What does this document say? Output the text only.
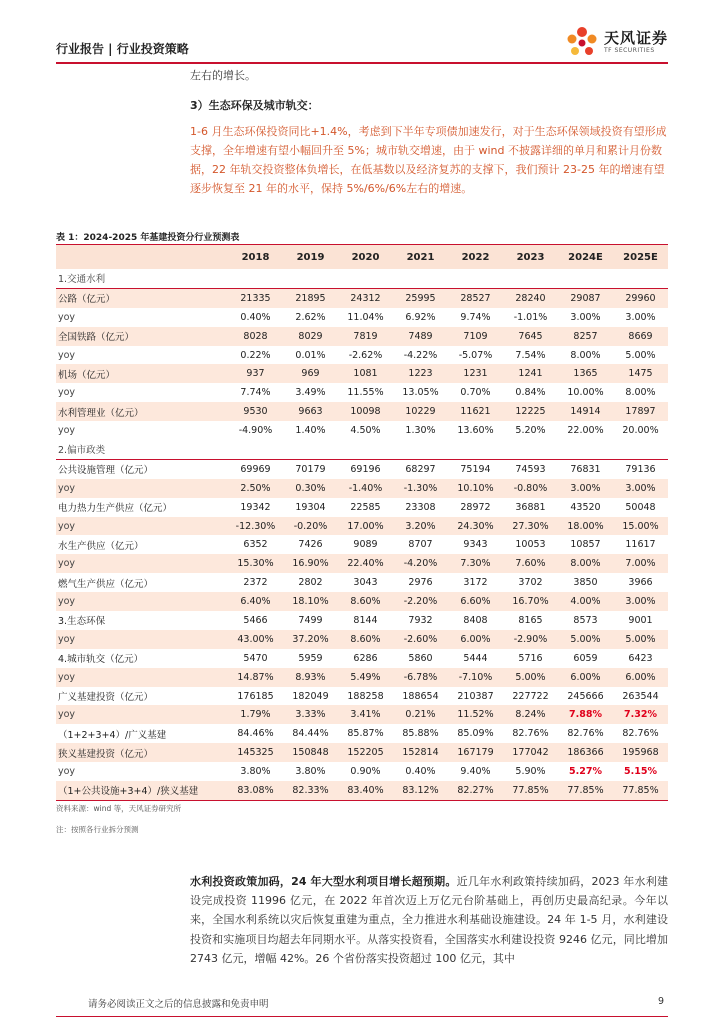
行业报告 | 行业投资策略
天风证券
TF SECURITIES
左右的增长。
3）生态环保及城市轨交：
1-6 月生态环保投资同比+1.4%，考虑到下半年专项债加速发行，对于生态环保领域投资有望形成支撑，全年增速有望小幅回升至 5%；城市轨交增速，由于 wind 不披露详细的单月和累计月份数据，22 年轨交投资整体负增长，在低基数以及经济复苏的支撑下，我们预计 23-25 年的增速有望逐步恢复至 21 年的水平，保持 5%/6%/6%左右的增速。
表 1：2024-2025 年基建投资分行业预测表
	2018	2019	2020	2021	2022	2023	2024E	2025E
1.交通水利								
公路（亿元）	21335	21895	24312	25995	28527	28240	29087	29960
yoy	0.40%	2.62%	11.04%	6.92%	9.74%	-1.01%	3.00%	3.00%
全国铁路（亿元）	8028	8029	7819	7489	7109	7645	8257	8669
yoy	0.22%	0.01%	-2.62%	-4.22%	-5.07%	7.54%	8.00%	5.00%
机场（亿元）	937	969	1081	1223	1231	1241	1365	1475
yoy	7.74%	3.49%	11.55%	13.05%	0.70%	0.84%	10.00%	8.00%
水利管理业（亿元）	9530	9663	10098	10229	11621	12225	14914	17897
yoy	-4.90%	1.40%	4.50%	1.30%	13.60%	5.20%	22.00%	20.00%
2.偏市政类								
公共设施管理（亿元）	69969	70179	69196	68297	75194	74593	76831	79136
yoy	2.50%	0.30%	-1.40%	-1.30%	10.10%	-0.80%	3.00%	3.00%
电力热力生产供应（亿元）	19342	19304	22585	23308	28972	36881	43520	50048
yoy	-12.30%	-0.20%	17.00%	3.20%	24.30%	27.30%	18.00%	15.00%
水生产供应（亿元）	6352	7426	9089	8707	9343	10053	10857	11617
yoy	15.30%	16.90%	22.40%	-4.20%	7.30%	7.60%	8.00%	7.00%
燃气生产供应（亿元）	2372	2802	3043	2976	3172	3702	3850	3966
yoy	6.40%	18.10%	8.60%	-2.20%	6.60%	16.70%	4.00%	3.00%
3.生态环保	5466	7499	8144	7932	8408	8165	8573	9001
yoy	43.00%	37.20%	8.60%	-2.60%	6.00%	-2.90%	5.00%	5.00%
4.城市轨交（亿元）	5470	5959	6286	5860	5444	5716	6059	6423
yoy	14.87%	8.93%	5.49%	-6.78%	-7.10%	5.00%	6.00%	6.00%
广义基建投资（亿元）	176185	182049	188258	188654	210387	227722	245666	263544
yoy	1.79%	3.33%	3.41%	0.21%	11.52%	8.24%	7.88%	7.32%
（1+2+3+4）/广义基建	84.46%	84.44%	85.87%	85.88%	85.09%	82.76%	82.76%	82.76%
狭义基建投资（亿元）	145325	150848	152205	152814	167179	177042	186366	195968
yoy	3.80%	3.80%	0.90%	0.40%	9.40%	5.90%	5.27%	5.15%
（1+公共设施+3+4）/狭义基建	83.08%	82.33%	83.40%	83.12%	82.27%	77.85%	77.85%	77.85%
资料来源：wind 等，天风证券研究所
注：按照各行业拆分预测
水利投资政策加码，24 年大型水利项目增长超预期。近几年水利政策持续加码，2023 年水利建设完成投资 11996 亿元，在 2022 年首次迈上万亿元台阶基础上，再创历史最高纪录。今年以来，全国水利系统以灾后恢复重建为重点，全力推进水利基础设施建设。24 年 1-5 月，水利建设投资和实施项目均超去年同期水平。从落实投资看，全国落实水利建设投资 9246 亿元，同比增加 2743 亿元，增幅 42%。26 个省份落实投资超过 100 亿元，其中
请务必阅读正文之后的信息披露和免责申明	9
